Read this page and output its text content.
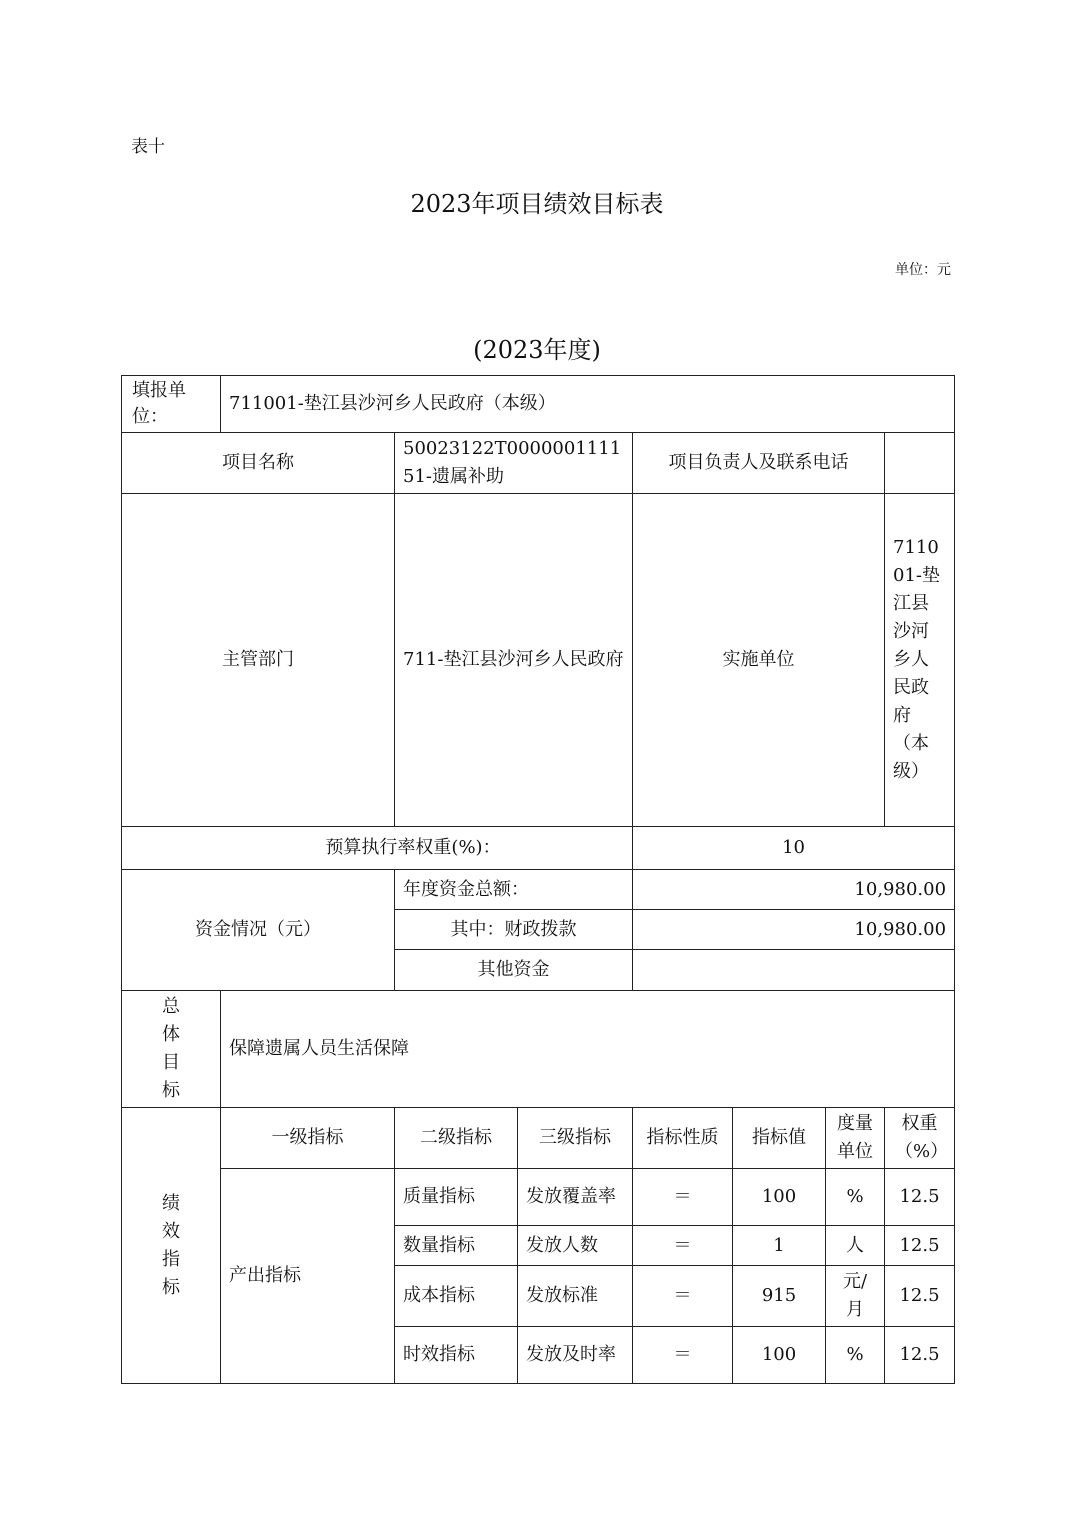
表十
2023年项目绩效目标表
单位：元
(2023年度)
填报单位：	711001-垫江县沙河乡人民政府（本级）						
项目名称		50023122T000000111151-遗属补助		项目负责人及联系电话			
主管部门		711-垫江县沙河乡人民政府		实施单位			711001-垫江县沙河乡人民政府（本级）
预算执行率权重(%)：				10			
资金情况（元）		年度资金总额：		10,980.00			
		其中：财政拨款		10,980.00			
		其他资金					
总体目标	保障遗属人员生活保障						
绩效指标	一级指标	二级指标	三级指标	指标性质	指标值	度量单位	权重（%）
	产出指标	质量指标	发放覆盖率	＝	100	%	12.5
		数量指标	发放人数	＝	1	人	12.5
		成本指标	发放标准	＝	915	元/月	12.5
		时效指标	发放及时率	＝	100	%	12.5
